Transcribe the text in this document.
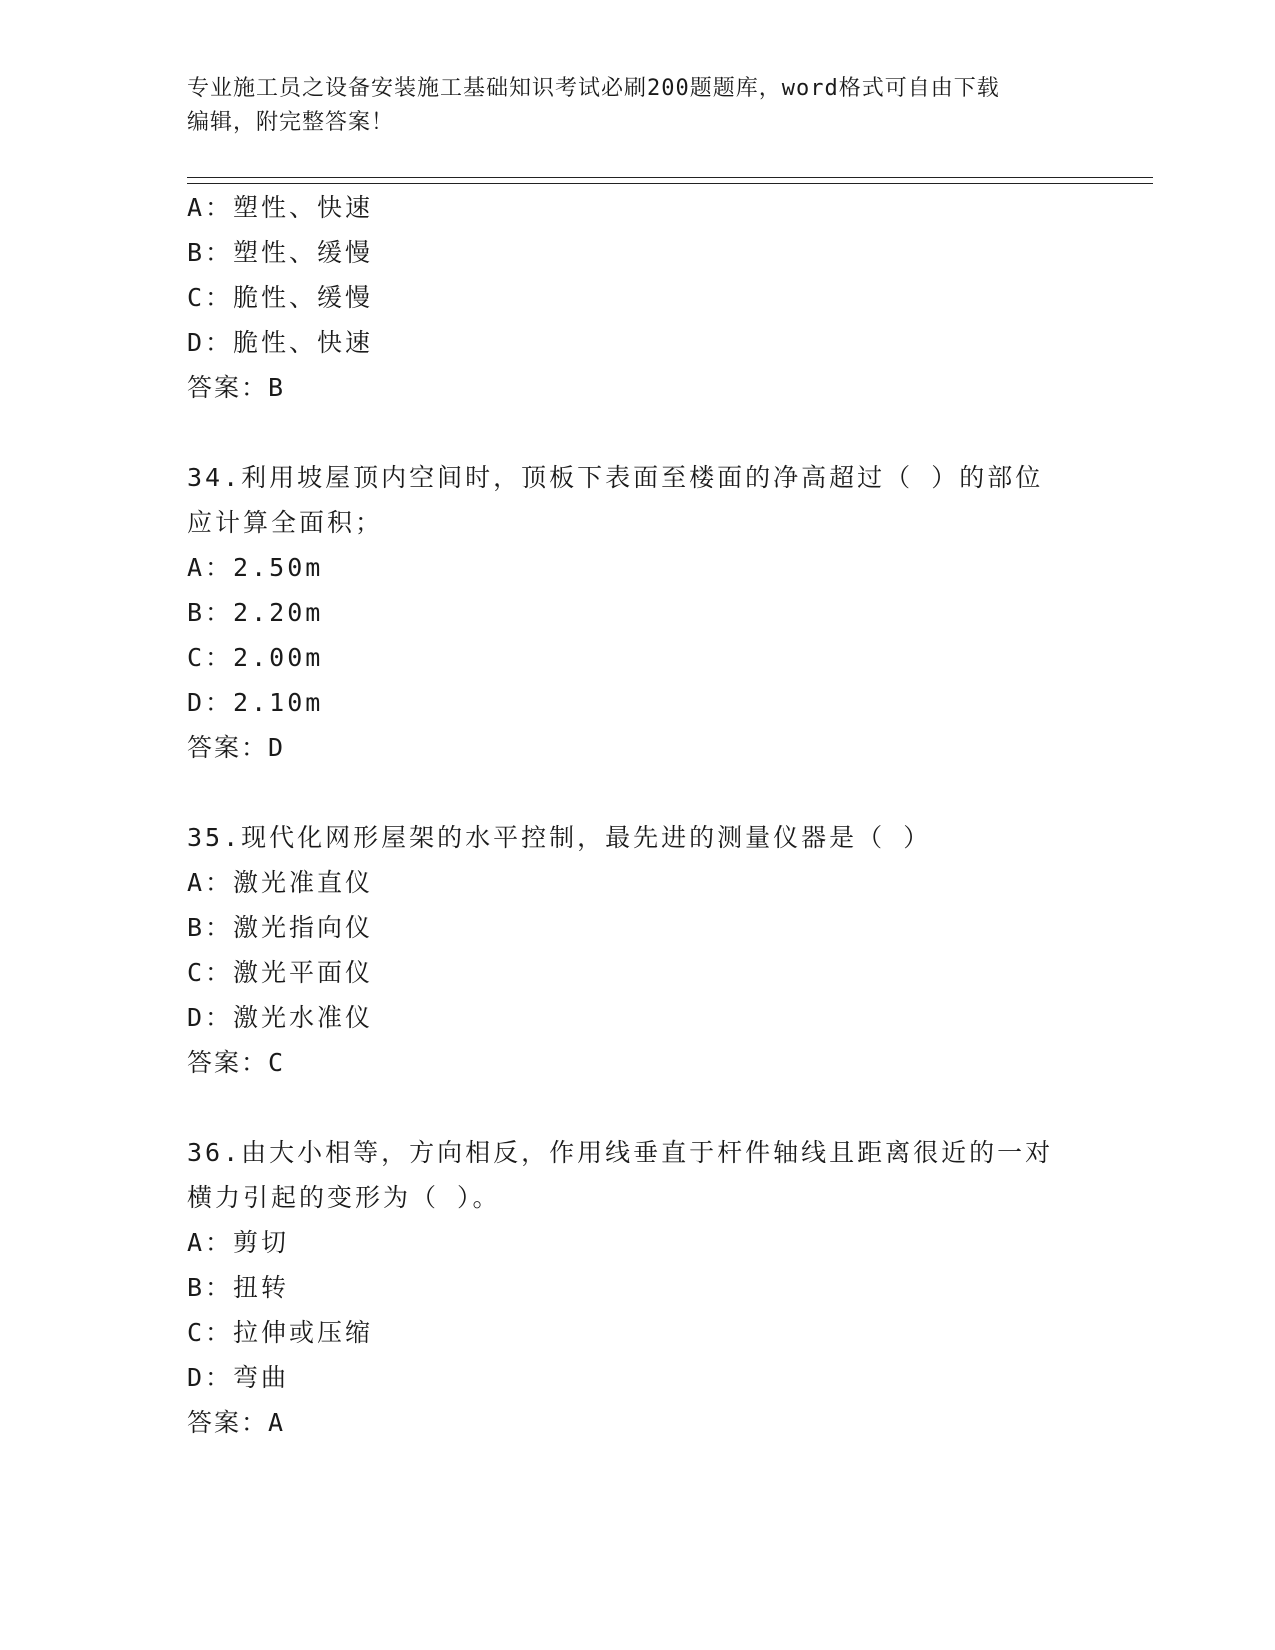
专业施工员之设备安装施工基础知识考试必刷200题题库，word格式可自由下载
编辑，附完整答案！
A：塑性、快速
B：塑性、缓慢
C：脆性、缓慢
D：脆性、快速
答案：B
34.利用坡屋顶内空间时，顶板下表面至楼面的净高超过（ ）的部位
应计算全面积；
A：2.50m
B：2.20m
C：2.00m
D：2.10m
答案：D
35.现代化网形屋架的水平控制，最先进的测量仪器是（ ）
A：激光准直仪
B：激光指向仪
C：激光平面仪
D：激光水准仪
答案：C
36.由大小相等，方向相反，作用线垂直于杆件轴线且距离很近的一对
横力引起的变形为（ ）。
A：剪切
B：扭转
C：拉伸或压缩
D：弯曲
答案：A
